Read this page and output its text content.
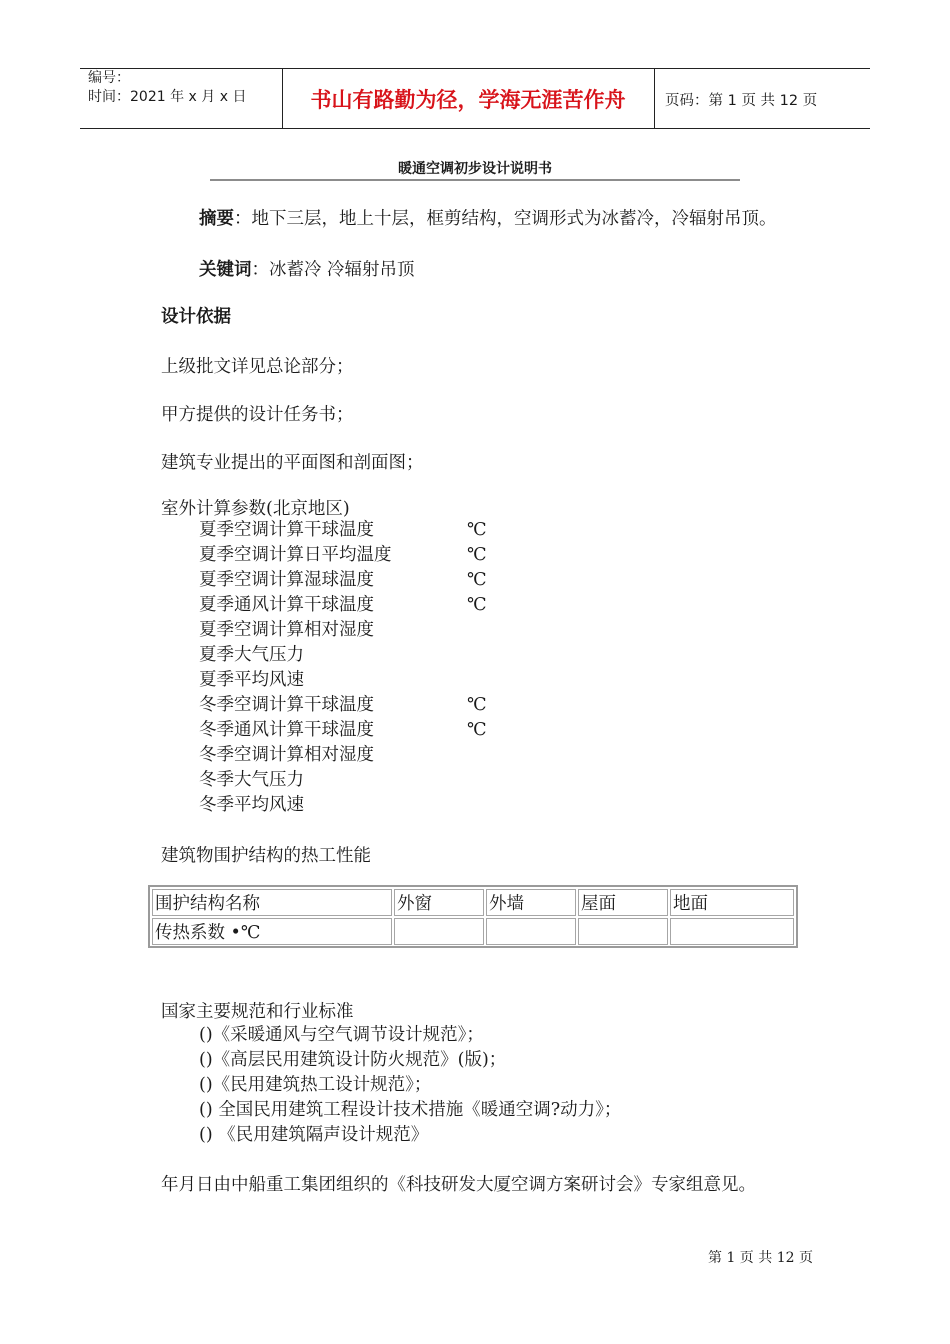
编号：
时间：2021 年 x 月 x 日	书山有路勤为径，学海无涯苦作舟	页码：第 1 页 共 12 页
暖通空调初步设计说明书
摘要：地下三层，地上十层，框剪结构，空调形式为冰蓄冷，冷辐射吊顶。
关键词：冰蓄冷 冷辐射吊顶
设计依据
上级批文详见总论部分；
甲方提供的设计任务书；
建筑专业提出的平面图和剖面图；
室外计算参数(北京地区)
夏季空调计算干球温度	℃
夏季空调计算日平均温度	℃
夏季空调计算湿球温度	℃
夏季通风计算干球温度	℃
夏季空调计算相对湿度
夏季大气压力
夏季平均风速
冬季空调计算干球温度	℃
冬季通风计算干球温度	℃
冬季空调计算相对湿度
冬季大气压力
冬季平均风速
建筑物围护结构的热工性能
围护结构名称	外窗	外墙	屋面	地面
传热系数 •℃				
国家主要规范和行业标准
()《采暖通风与空气调节设计规范》；
()《高层民用建筑设计防火规范》(版)；
()《民用建筑热工设计规范》；
() 全国民用建筑工程设计技术措施《暖通空调?动力》；
() 《民用建筑隔声设计规范》
年月日由中船重工集团组织的《科技研发大厦空调方案研讨会》专家组意见。
第 1 页 共 12 页
